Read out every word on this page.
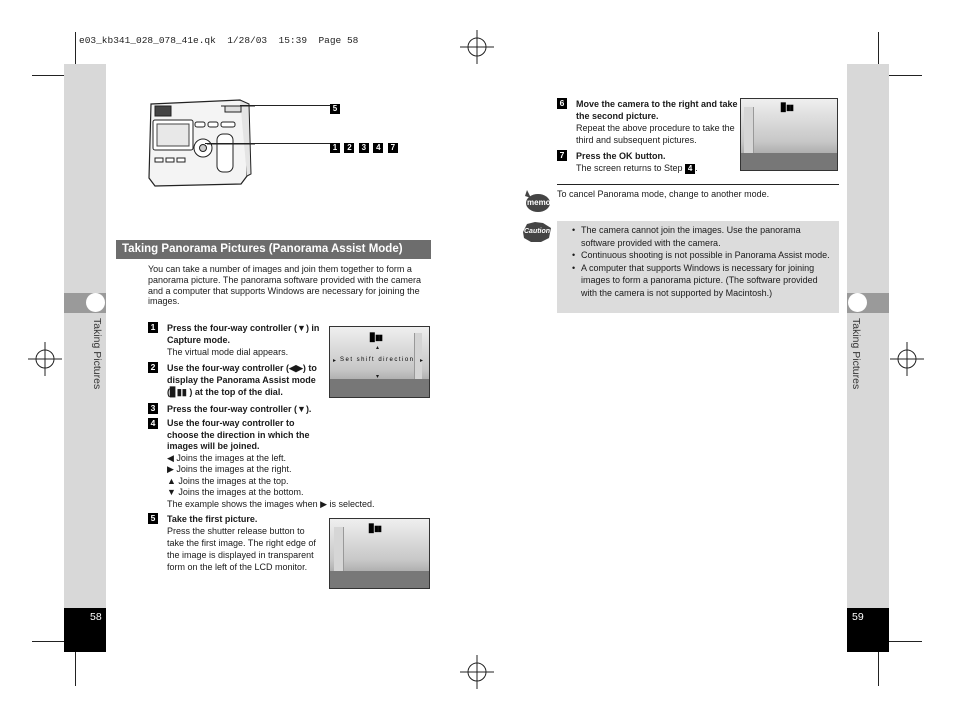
e03_kb341_028_078_41e.qk  1/28/03  15:39  Page 58
Taking Pictures
58
Taking Pictures
59
5
1 2 3 4 7
Taking Panorama Pictures (Panorama Assist Mode)
You can take a number of images and join them together to form a panorama picture. The panorama software provided with the camera and a computer that supports Windows are necessary for joining the images.
1 Press the four-way controller (▼) in Capture mode.
The virtual mode dial appears.
2 Use the four-way controller (◀▶) to display the Panorama Assist mode (▊▮▮ ) at the top of the dial.
3 Press the four-way controller (▼).
4 Use the four-way controller to choose the direction in which the images will be joined.
◀ Joins the images at the left.
▶ Joins the images at the right.
▲ Joins the images at the top.
▼ Joins the images at the bottom.
The example shows the images when ▶ is selected.
5 Take the first picture.
Press the shutter release button to take the first image. The right edge of the image is displayed in transparent form on the left of the LCD monitor.
▊▮▮
▴
Set shift direction
▸	▸
▾
▊▮▮
6 Move the camera to the right and take the second picture.
Repeat the above procedure to take the third and subsequent pictures.
7 Press the OK button.
The screen returns to Step 4 .
▊▮▮
memo
To cancel Panorama mode, change to another mode.
Caution
•	The camera cannot join the images. Use the panorama software provided with the camera.
• Continuous shooting is not possible in Panorama Assist mode.
• A computer that supports Windows is necessary for joining images to form a panorama picture. (The software provided with the camera is not supported by Macintosh.)
